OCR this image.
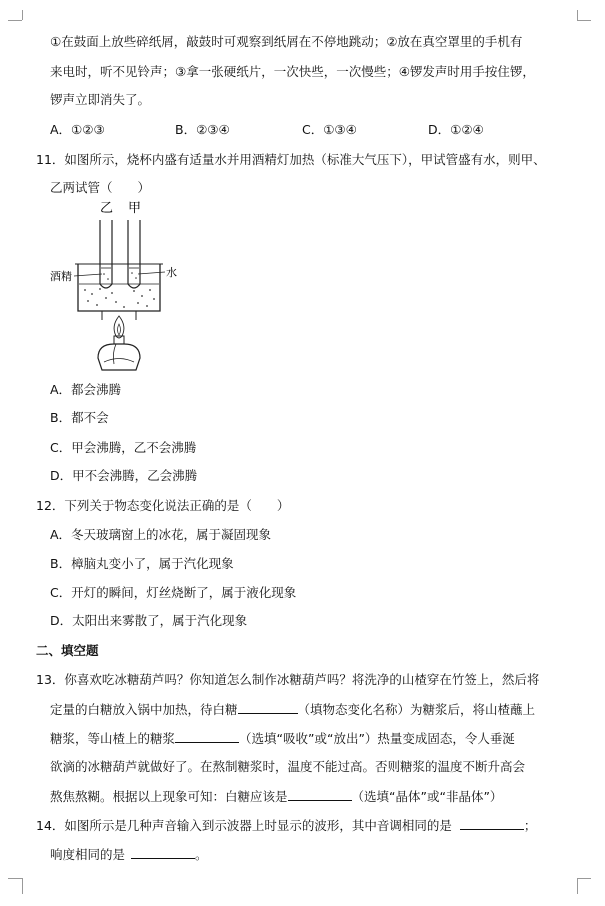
①在鼓面上放些碎纸屑，敲鼓时可观察到纸屑在不停地跳动；②放在真空罩里的手机有
来电时，听不见铃声；③拿一张硬纸片，一次快些，一次慢些；④锣发声时用手按住锣，
锣声立即消失了。
A．①②③	B．②③④	C．①③④	D．①②④
11．如图所示，烧杯内盛有适量水并用酒精灯加热（标准大气压下），甲试管盛有水，则甲、
乙两试管（　　）
乙 甲
酒精	水
A．都会沸腾
B．都不会
C．甲会沸腾，乙不会沸腾
D．甲不会沸腾，乙会沸腾
12．下列关于物态变化说法正确的是（　　）
A．冬天玻璃窗上的冰花，属于凝固现象
B．樟脑丸变小了，属于汽化现象
C．开灯的瞬间，灯丝烧断了，属于液化现象
D．太阳出来雾散了，属于汽化现象
二、填空题
13．你喜欢吃冰糖葫芦吗？你知道怎么制作冰糖葫芦吗？将洗净的山楂穿在竹签上，然后将
定量的白糖放入锅中加热，待白糖	（填物态变化名称）为糖浆后，将山楂蘸上
糖浆，等山楂上的糖浆	（选填“吸收”或“放出”）热量变成固态，令人垂涎
欲滴的冰糖葫芦就做好了。在熬制糖浆时，温度不能过高。否则糖浆的温度不断升高会
熬焦熬糊。根据以上现象可知：白糖应该是	（选填“晶体”或“非晶体”）
14．如图所示是几种声音输入到示波器上时显示的波形，其中音调相同的是	；
响度相同的是	。
